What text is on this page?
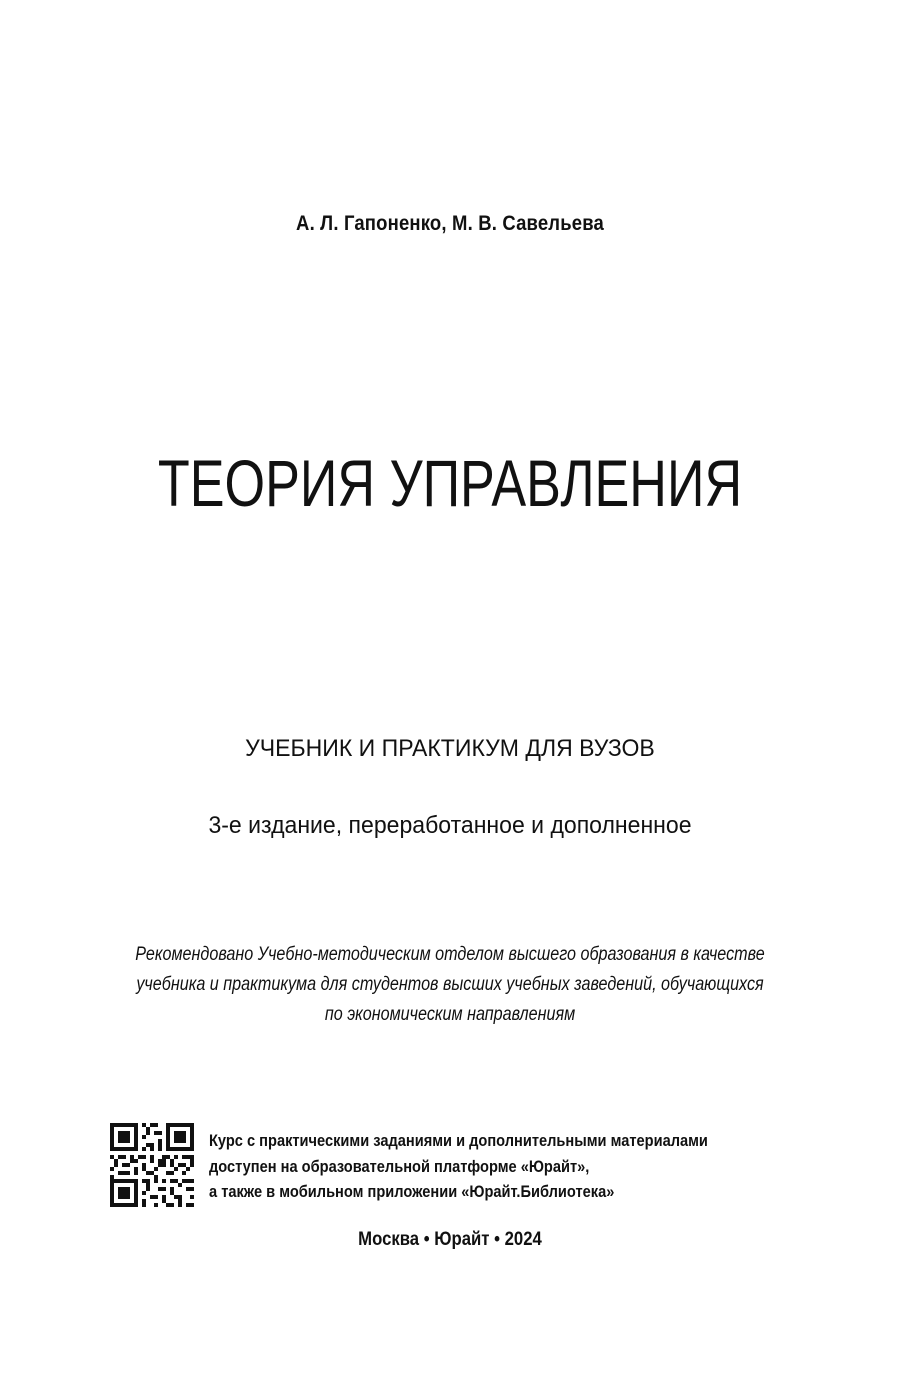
А. Л. Гапоненко, М. В. Савельева
ТЕОРИЯ УПРАВЛЕНИЯ
УЧЕБНИК И ПРАКТИКУМ ДЛЯ ВУЗОВ
3-е издание, переработанное и дополненное
Рекомендовано Учебно-методическим отделом высшего образования в качестве
учебника и практикума для студентов высших учебных заведений, обучающихся
по экономическим направлениям
Курс с практическими заданиями и дополнительными материалами
доступен на образовательной платформе «Юрайт»,
а также в мобильном приложении «Юрайт.Библиотека»
Москва • Юрайт • 2024
